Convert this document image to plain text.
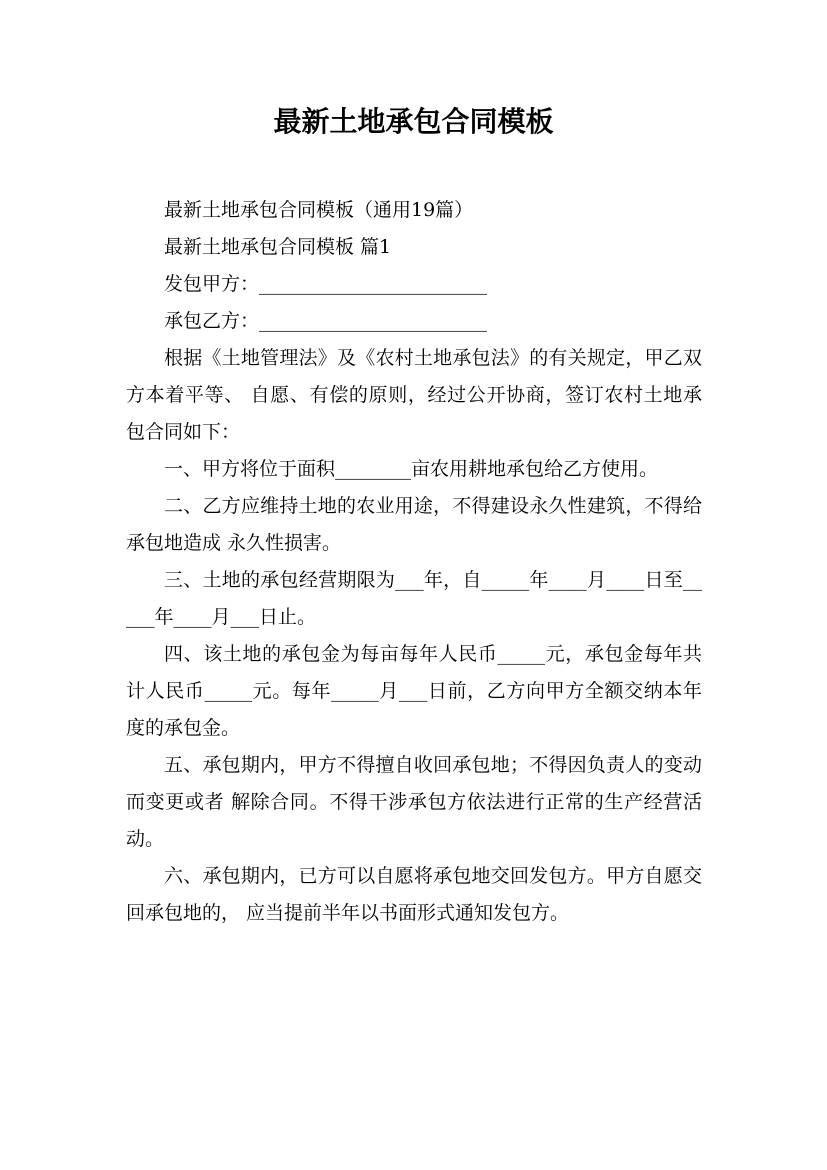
最新土地承包合同模板

最新土地承包合同模板（通用19篇）

最新土地承包合同模板 篇1

发包甲方：________________________

承包乙方：________________________

根据《土地管理法》及《农村土地承包法》的有关规定，甲乙双方本着平等、 自愿、有偿的原则，经过公开协商，签订农村土地承包合同如下：

一、甲方将位于面积________亩农用耕地承包给乙方使用。

二、乙方应维持土地的农业用途，不得建设永久性建筑，不得给承包地造成 永久性损害。

三、土地的承包经营期限为___年，自_____年____月____日至_____年____月___日止。

四、该土地的承包金为每亩每年人民币_____元，承包金每年共计人民币_____元。每年_____月___日前，乙方向甲方全额交纳本年度的承包金。

五、承包期内，甲方不得擅自收回承包地；不得因负责人的变动而变更或者 解除合同。不得干涉承包方依法进行正常的生产经营活动。

六、承包期内，已方可以自愿将承包地交回发包方。甲方自愿交回承包地的， 应当提前半年以书面形式通知发包方。
